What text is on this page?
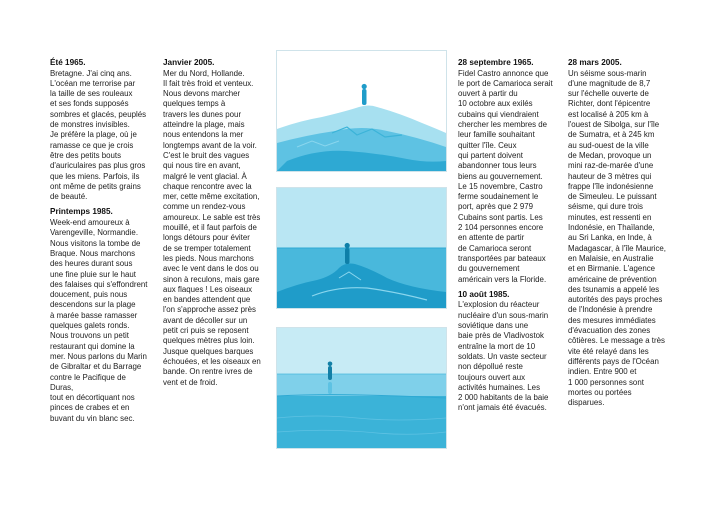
Été 1965.

Bretagne. J'ai cinq ans.
L'océan me terrorise par
la taille de ses rouleaux
et ses fonds supposés
sombres et glacés, peuplés
de monstres invisibles.
Je préfère la plage, où je
ramasse ce que je crois
être des petits bouts
d'auriculaires pas plus gros
que les miens. Parfois, ils
ont même de petits grains
de beauté.

Printemps 1985.

Week-end amoureux à
Varengeville, Normandie.
Nous visitons la tombe de
Braque. Nous marchons
des heures durant sous
une fine pluie sur le haut
des falaises qui s'effondrent
doucement, puis nous
descendons sur la plage
à marée basse ramasser
quelques galets ronds.
Nous trouvons un petit
restaurant qui domine la
mer. Nous parlons du Marin
de Gibraltar et du Barrage
contre le Pacifique de Duras,
tout en décortiquant nos
pinces de crabes et en
buvant du vin blanc sec.

Janvier 2005.

Mer du Nord, Hollande.
Il fait très froid et venteux.
Nous devons marcher
quelques temps à
travers les dunes pour
atteindre la plage, mais
nous entendons la mer
longtemps avant de la voir.
C'est le bruit des vagues
qui nous tire en avant,
malgré le vent glacial. À
chaque rencontre avec la
mer, cette même excitation,
comme un rendez-vous
amoureux. Le sable est très
mouillé, et il faut parfois de
longs détours pour éviter
de se tremper totalement
les pieds. Nous marchons
avec le vent dans le dos ou
sinon à reculons, mais gare
aux flaques ! Les oiseaux
en bandes attendent que
l'on s'approche assez près
avant de décoller sur un
petit cri puis se reposent
quelques mètres plus loin.
Jusque quelques barques
échouées, et les oiseaux en
bande. On rentre ivres de
vent et de froid.

28 septembre 1965.

Fidel Castro annonce que
le port de Camarioca serait
ouvert à partir du
10 octobre aux exilés
cubains qui viendraient
chercher les membres de
leur famille souhaitant
quitter l'île. Ceux
qui partent doivent
abandonner tous leurs
biens au gouvernement.
Le 15 novembre, Castro
ferme soudainement le
port, après que 2 979
Cubains sont partis. Les
2 104 personnes encore
en attente de partir
de Camarioca seront
transportées par bateaux
du gouvernement
américain vers la Floride.

10 août 1985.

L'explosion du réacteur
nucléaire d'un sous-marin
soviétique dans une
baie près de Vladivostok
entraîne la mort de 10
soldats. Un vaste secteur
non dépollué reste
toujours ouvert aux
activités humaines. Les
2 000 habitants de la baie
n'ont jamais été évacués.

28 mars 2005.

Un séisme sous-marin
d'une magnitude de 8,7
sur l'échelle ouverte de
Richter, dont l'épicentre
est localisé à 205 km à
l'ouest de Sibolga, sur l'île
de Sumatra, et à 245 km
au sud-ouest de la ville
de Medan, provoque un
mini raz-de-marée d'une
hauteur de 3 mètres qui
frappe l'île indonésienne
de Simeuleu. Le puissant
séisme, qui dure trois
minutes, est ressenti en
Indonésie, en Thaïlande,
au Sri Lanka, en Inde, à
Madagascar, à l'île Maurice,
en Malaisie, en Australie
et en Birmanie. L'agence
américaine de prévention
des tsunamis a appelé les
autorités des pays proches
de l'Indonésie à prendre
des mesures immédiates
d'évacuation des zones
côtières. Le message a très
vite été relayé dans les
différents pays de l'Océan
indien. Entre 900 et
1 000 personnes sont
mortes ou portées
disparues.
